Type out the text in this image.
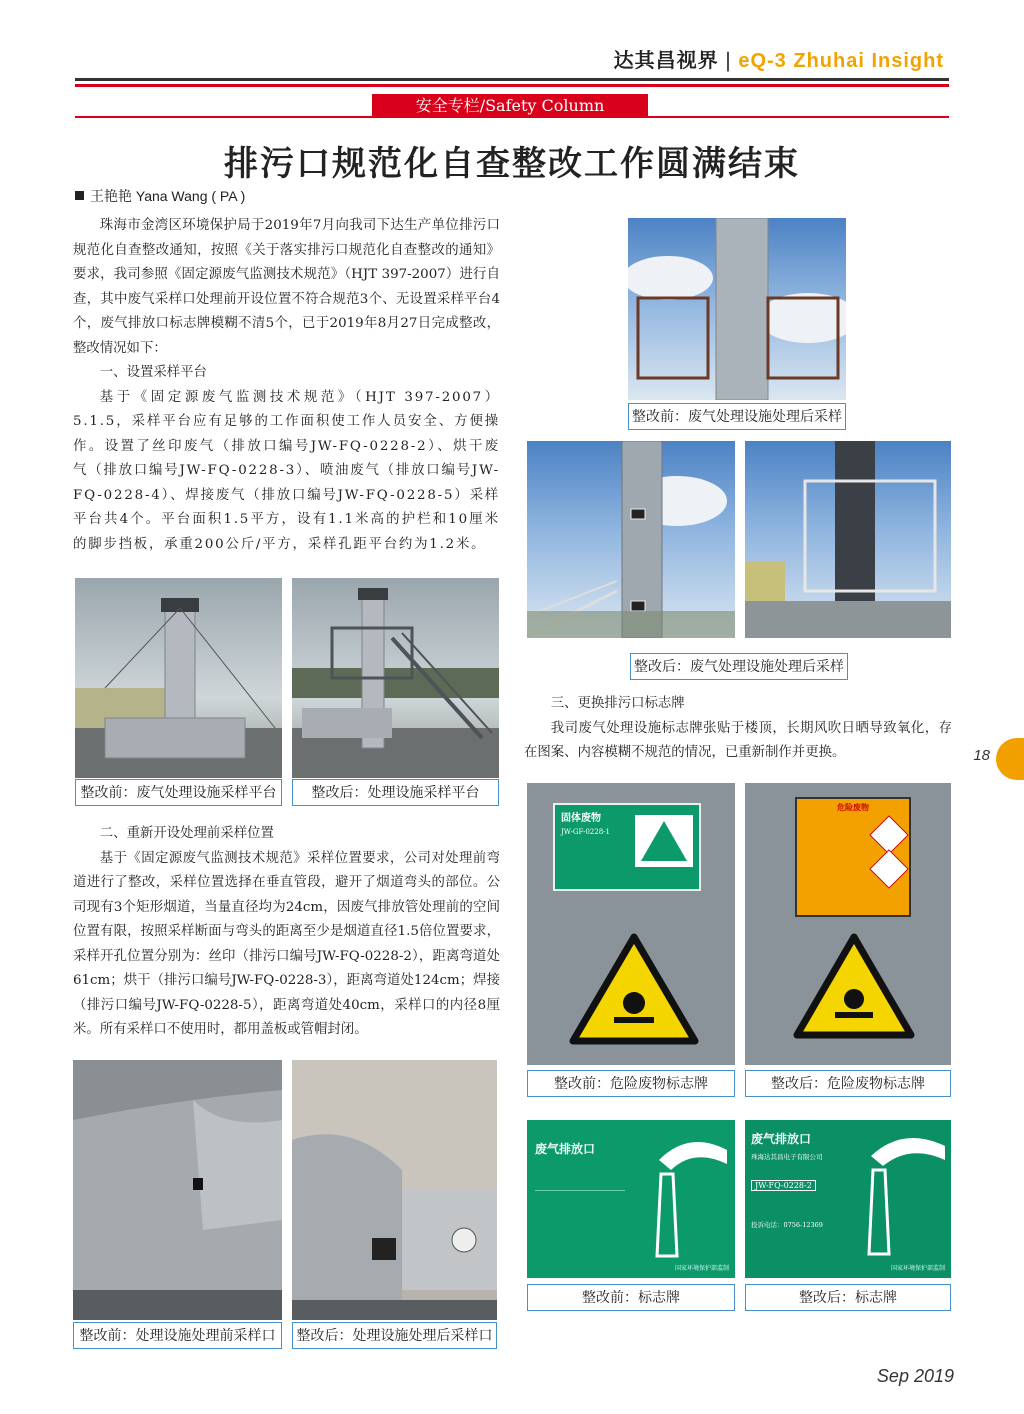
达其昌视界 | eQ-3 Zhuhai Insight
安全专栏/Safety Column
排污口规范化自查整改工作圆满结束
王艳艳 Yana Wang ( PA )

珠海市金湾区环境保护局于2019年7月向我司下达生产单位排污口规范化自查整改通知，按照《关于落实排污口规范化自查整改的通知》要求，我司参照《固定源废气监测技术规范》（HJT 397-2007）进行自查，其中废气采样口处理前开设位置不符合规范3个、无设置采样平台4个，废气排放口标志牌模糊不清5个，已于2019年8月27日完成整改，整改情况如下：

一、设置采样平台

基于《固定源废气监测技术规范》（HJT 397-2007）5.1.5，采样平台应有足够的工作面积使工作人员安全、方便操作。设置了丝印废气（排放口编号JW-FQ-0228-2）、烘干废气（排放口编号JW-FQ-0228-3）、喷油废气（排放口编号JW-FQ-0228-4）、焊接废气（排放口编号JW-FQ-0228-5）采样平台共4个。平台面积1.5平方，设有1.1米高的护栏和10厘米的脚步挡板，承重200公斤/平方，采样孔距平台约为1.2米。

整改前：废气处理设施采样平台	整改后：处理设施采样平台

二、重新开设处理前采样位置

基于《固定源废气监测技术规范》采样位置要求，公司对处理前弯道进行了整改，采样位置选择在垂直管段，避开了烟道弯头的部位。公司现有3个矩形烟道，当量直径均为24cm，因废气排放管处理前的空间位置有限，按照采样断面与弯头的距离至少是烟道直径1.5倍位置要求，采样开孔位置分别为：丝印（排污口编号JW-FQ-0228-2），距离弯道处61cm；烘干（排污口编号JW-FQ-0228-3），距离弯道处124cm；焊接（排污口编号JW-FQ-0228-5），距离弯道处40cm，采样口的内径8厘米。所有采样口不使用时，都用盖板或管帽封闭。

整改前：处理设施处理前采样口	整改后：处理设施处理后采样口
整改前：废气处理设施处理后采样
整改后：废气处理设施处理后采样

三、更换排污口标志牌

我司废气处理设施标志牌张贴于楼顶，长期风吹日晒导致氧化，存在图案、内容模糊不规范的情况，已重新制作并更换。

固体废物
JW-GF-0228-1
危险废物
整改前：危险废物标志牌	整改后：危险废物标志牌
废气排放口
国家环境保护部监制
废气排放口
珠海达其昌电子有限公司
JW-FQ-0228-2
投诉电话：0756-12369
国家环境保护部监制
整改前：标志牌	整改后：标志牌
18
Sep 2019
